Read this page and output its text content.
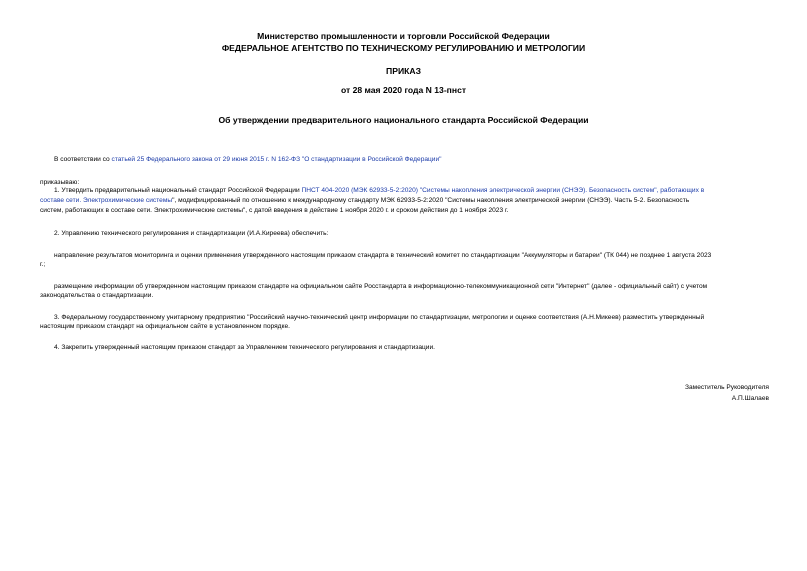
Министерство промышленности и торговли Российской Федерации
ФЕДЕРАЛЬНОЕ АГЕНТСТВО ПО ТЕХНИЧЕСКОМУ РЕГУЛИРОВАНИЮ И МЕТРОЛОГИИ
ПРИКАЗ
от 28 мая 2020 года N 13-пнст
Об утверждении предварительного национального стандарта Российской Федерации
В соответствии со статьей 25 Федерального закона от 29 июня 2015 г. N 162-ФЗ "О стандартизации в Российской Федерации"
приказываю:
1. Утвердить предварительный национальный стандарт Российской Федерации ПНСТ 404-2020 (МЭК 62933-5-2:2020) "Системы накопления электрической энергии (СНЭЭ). Безопасность систем", работающих в
составе сети. Электрохимические системы", модифицированный по отношению к международному стандарту МЭК 62933-5-2:2020 "Системы накопления электрической энергии (СНЭЭ). Часть 5-2. Безопасность
систем, работающих в составе сети. Электрохимические системы", с датой введения в действие 1 ноября 2020 г. и сроком действия до 1 ноября 2023 г.
2. Управлению технического регулирования и стандартизации (И.А.Киреева) обеспечить:
направление результатов мониторинга и оценки применения утвержденного настоящим приказом стандарта в технический комитет по стандартизации "Аккумуляторы и батареи" (ТК 044) не позднее 1 августа 2023
г.;
размещение информации об утвержденном настоящим приказом стандарте на официальном сайте Росстандарта в информационно-телекоммуникационной сети "Интернет" (далее - официальный сайт) с учетом
законодательства о стандартизации.
3. Федеральному государственному унитарному предприятию "Российский научно-технический центр информации по стандартизации, метрологии и оценке соответствия (А.Н.Микеев) разместить утвержденный
настоящим приказом стандарт на официальном сайте в установленном порядке.
4. Закрепить утвержденный настоящим приказом стандарт за Управлением технического регулирования и стандартизации.
Заместитель Руководителя
А.П.Шалаев
